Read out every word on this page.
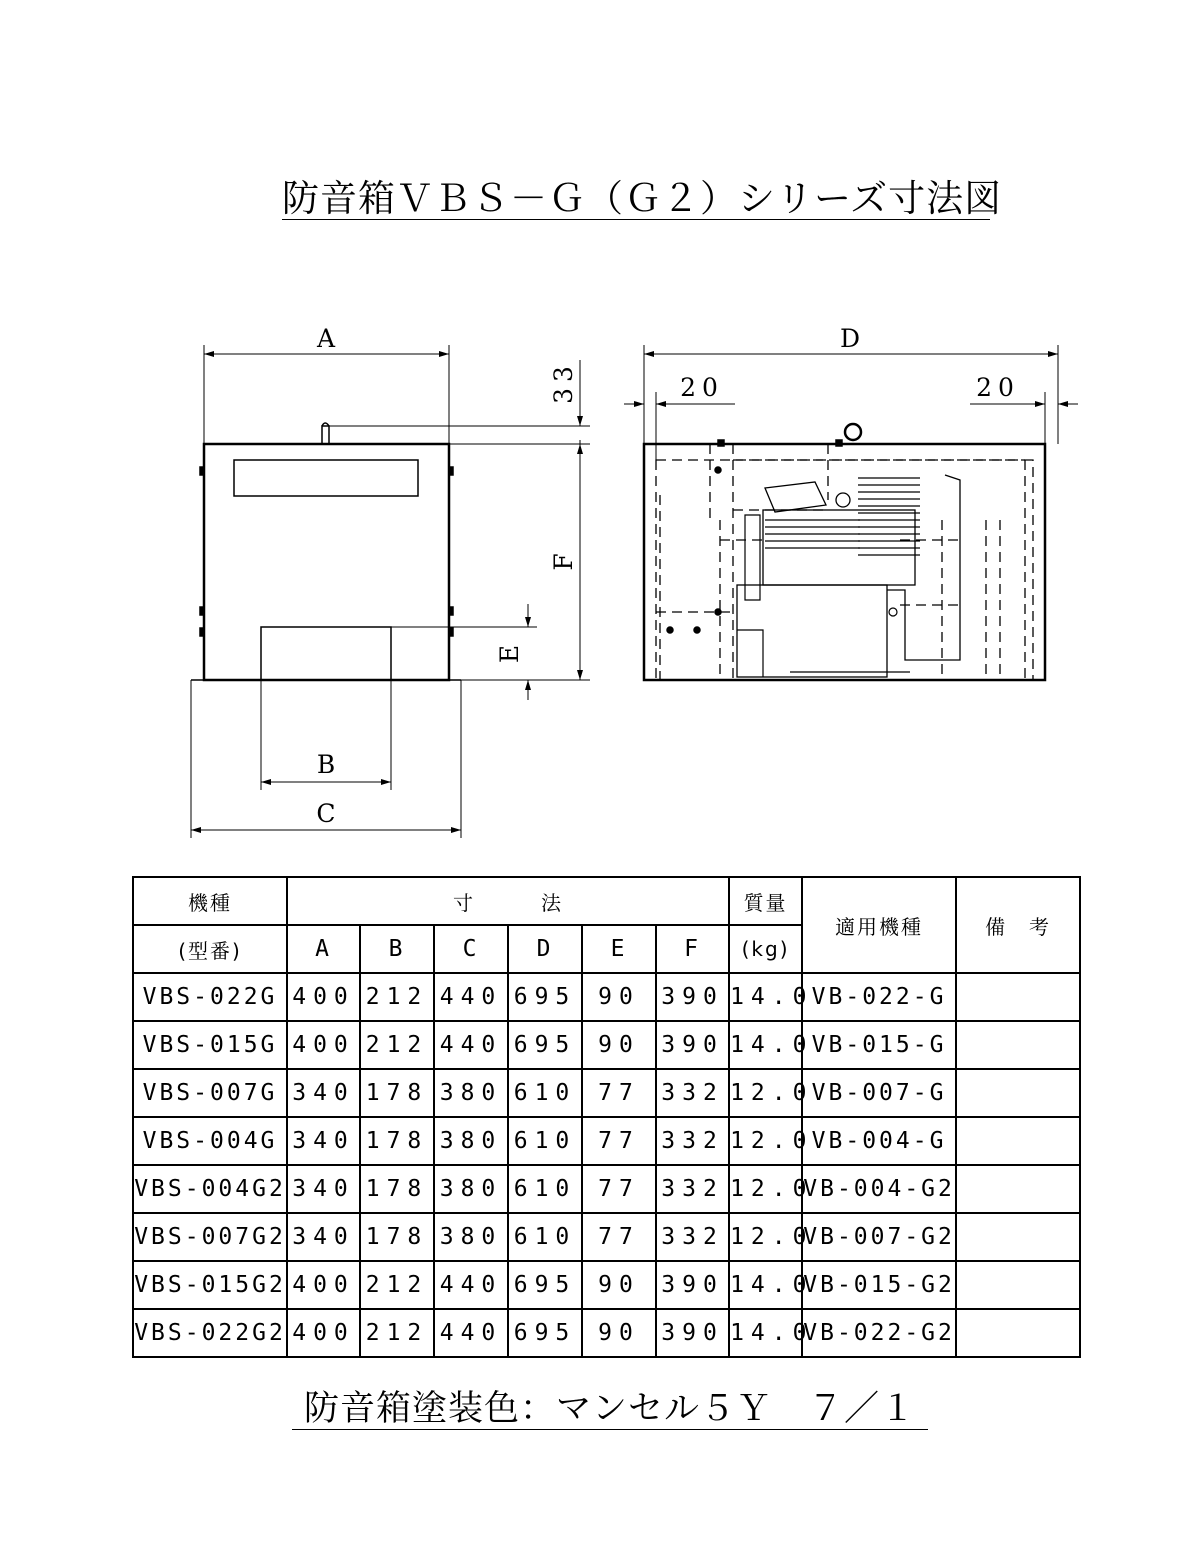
防音箱ＶＢＳ－Ｇ（Ｇ２）シリーズ寸法図
A
B
C
F
E
33
D
20	20
機種	寸　　　法						質量	適用機種	備　考
(型番)	A	B	C	D	E	F	(kg)		
VBS-022G	400	212	440	695	90	390	14.0	VB-022-G	
VBS-015G	400	212	440	695	90	390	14.0	VB-015-G	
VBS-007G	340	178	380	610	77	332	12.0	VB-007-G	
VBS-004G	340	178	380	610	77	332	12.0	VB-004-G	
VBS-004G2	340	178	380	610	77	332	12.0	VB-004-G2	
VBS-007G2	340	178	380	610	77	332	12.0	VB-007-G2	
VBS-015G2	400	212	440	695	90	390	14.0	VB-015-G2	
VBS-022G2	400	212	440	695	90	390	14.0	VB-022-G2	
防音箱塗装色：マンセル５Ｙ　７／１
